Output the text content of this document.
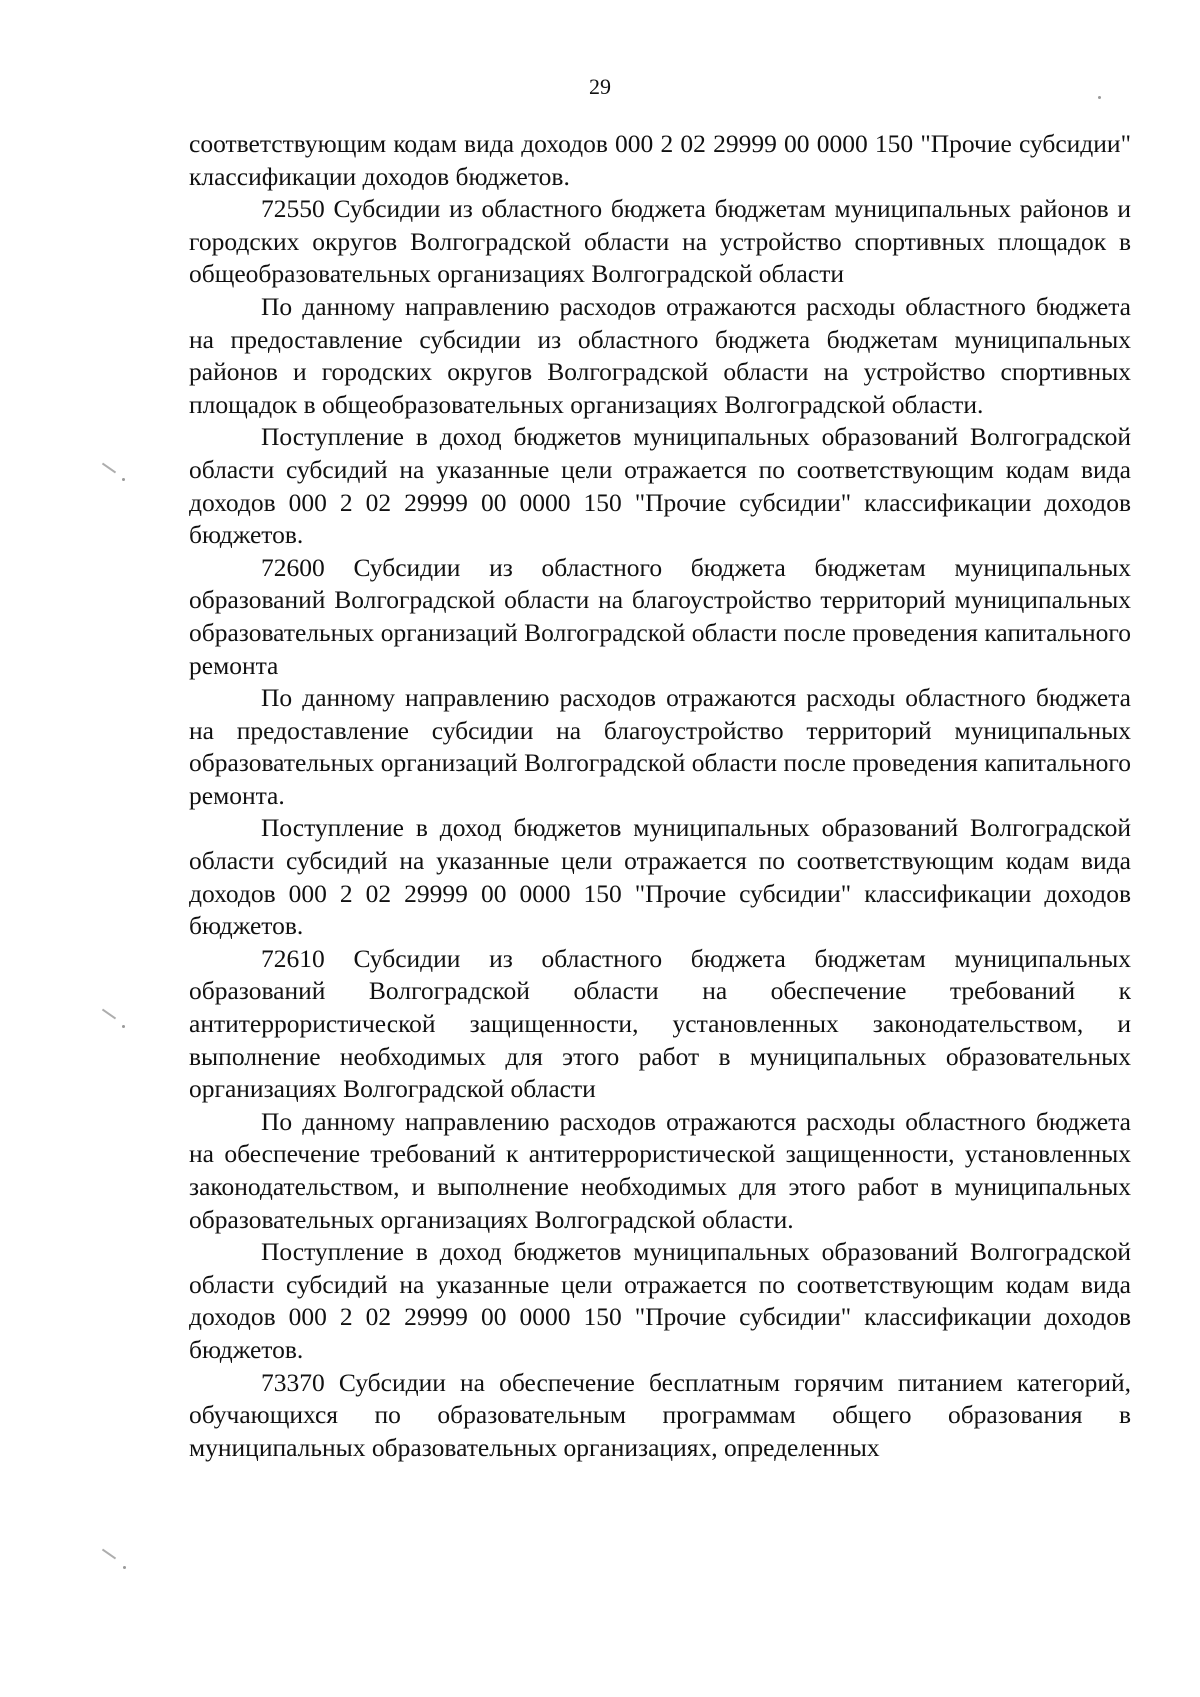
29

соответствующим кодам вида доходов 000 2 02 29999 00 0000 150 "Прочие субсидии" классификации доходов бюджетов.

72550 Субсидии из областного бюджета бюджетам муниципальных районов и городских округов Волгоградской области на устройство спортивных площадок в общеобразовательных организациях Волгоградской области

По данному направлению расходов отражаются расходы областного бюджета на предоставление субсидии из областного бюджета бюджетам муниципальных районов и городских округов Волгоградской области на устройство спортивных площадок в общеобразовательных организациях Волгоградской области.

Поступление в доход бюджетов муниципальных образований Волгоградской области субсидий на указанные цели отражается по соответствующим кодам вида доходов 000 2 02 29999 00 0000 150 "Прочие субсидии" классификации доходов бюджетов.

72600 Субсидии из областного бюджета бюджетам муниципальных образований Волгоградской области на благоустройство территорий муниципальных образовательных организаций Волгоградской области после проведения капитального ремонта

По данному направлению расходов отражаются расходы областного бюджета на предоставление субсидии на благоустройство территорий муниципальных образовательных организаций Волгоградской области после проведения капитального ремонта.

Поступление в доход бюджетов муниципальных образований Волгоградской области субсидий на указанные цели отражается по соответствующим кодам вида доходов 000 2 02 29999 00 0000 150 "Прочие субсидии" классификации доходов бюджетов.

72610 Субсидии из областного бюджета бюджетам муниципальных образований Волгоградской области на обеспечение требований к антитеррористической защищенности, установленных законодательством, и выполнение необходимых для этого работ в муниципальных образовательных организациях Волгоградской области

По данному направлению расходов отражаются расходы областного бюджета на обеспечение требований к антитеррористической защищенности, установленных законодательством, и выполнение необходимых для этого работ в муниципальных образовательных организациях Волгоградской области.

Поступление в доход бюджетов муниципальных образований Волгоградской области субсидий на указанные цели отражается по соответствующим кодам вида доходов 000 2 02 29999 00 0000 150 "Прочие субсидии" классификации доходов бюджетов.

73370 Субсидии на обеспечение бесплатным горячим питанием категорий, обучающихся по образовательным программам общего образования в муниципальных образовательных организациях, определенных
